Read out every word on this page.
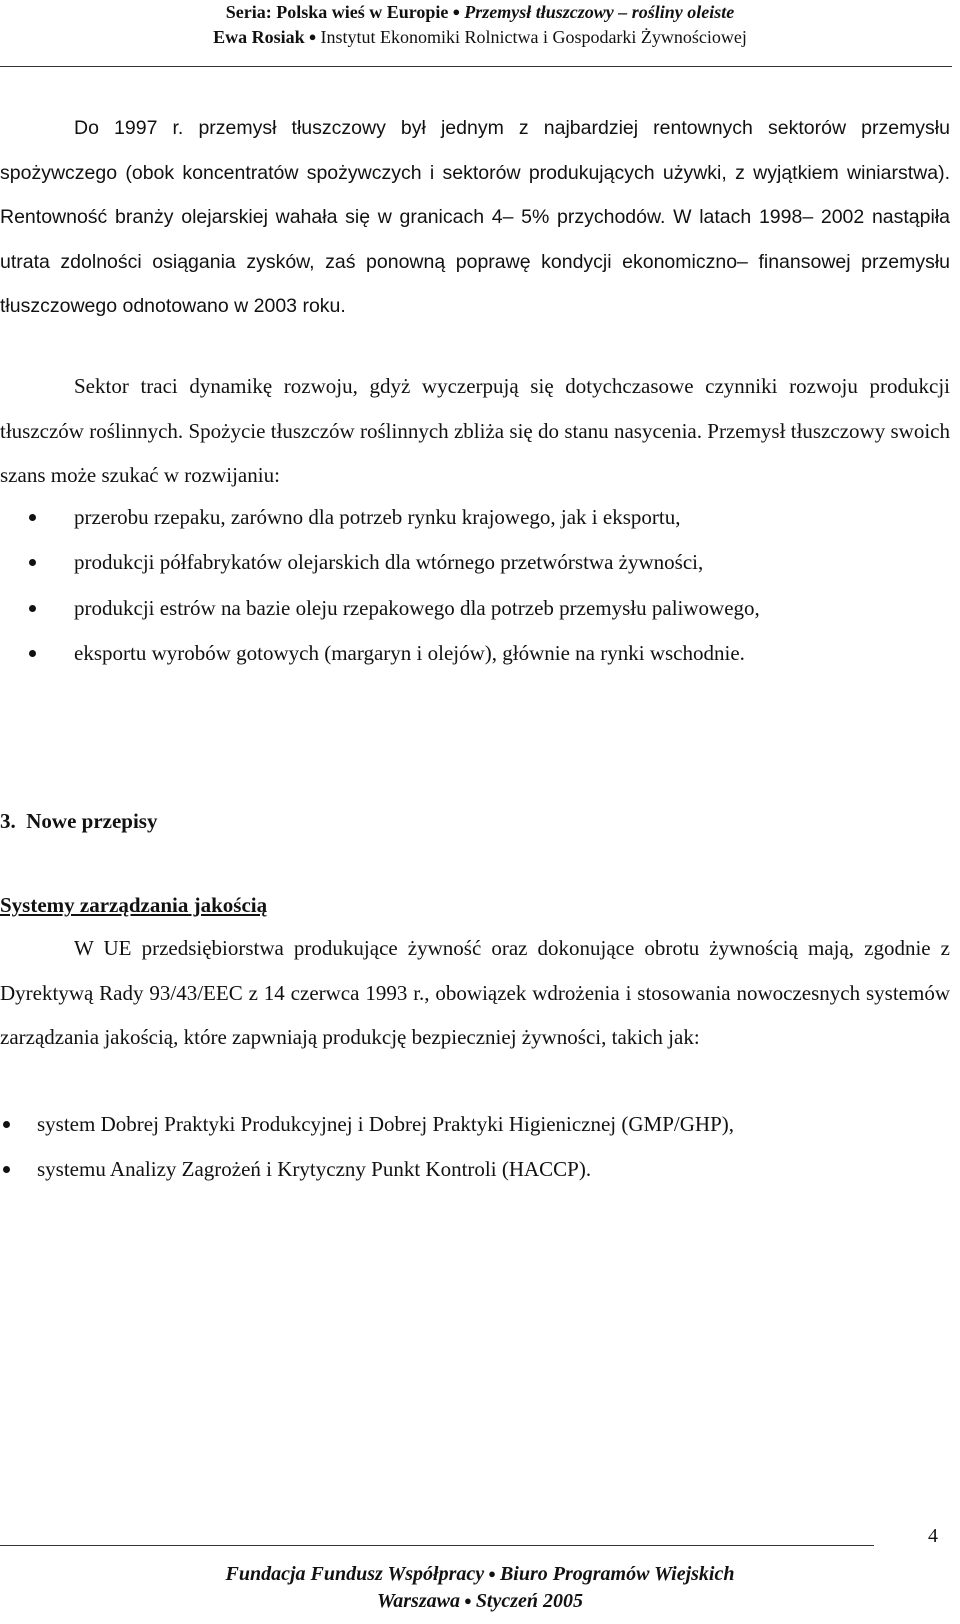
Seria: Polska wieś w Europie ● Przemysł tłuszczowy – rośliny oleiste
Ewa Rosiak ● Instytut Ekonomiki Rolnictwa i Gospodarki Żywnościowej

Do 1997 r. przemysł tłuszczowy był jednym z najbardziej rentownych sektorów przemysłu spożywczego (obok koncentratów spożywczych i sektorów produkujących używki, z wyjątkiem winiarstwa). Rentowność branży olejarskiej wahała się w granicach 4– 5% przychodów. W latach 1998– 2002 nastąpiła utrata zdolności osiągania zysków, zaś ponowną poprawę kondycji ekonomiczno– finansowej przemysłu tłuszczowego odnotowano w 2003 roku.

Sektor traci dynamikę rozwoju, gdyż wyczerpują się dotychczasowe czynniki rozwoju produkcji tłuszczów roślinnych. Spożycie tłuszczów roślinnych zbliża się do stanu nasycenia. Przemysł tłuszczowy swoich szans może szukać w rozwijaniu:

przerobu rzepaku, zarówno dla potrzeb rynku krajowego, jak i eksportu,

produkcji półfabrykatów olejarskich dla wtórnego przetwórstwa żywności,

produkcji estrów na bazie oleju rzepakowego dla potrzeb przemysłu paliwowego,

eksportu wyrobów gotowych (margaryn i olejów), głównie na rynki wschodnie.

3.  Nowe przepisy
Systemy zarządzania jakością

W UE przedsiębiorstwa produkujące żywność oraz dokonujące obrotu żywnością mają, zgodnie z Dyrektywą Rady 93/43/EEC z 14 czerwca 1993 r., obowiązek wdrożenia i stosowania nowoczesnych systemów zarządzania jakością, które zapwniają produkcję bezpieczniej żywności, takich jak:

system Dobrej Praktyki Produkcyjnej i Dobrej Praktyki Higienicznej (GMP/GHP),

systemu Analizy Zagrożeń i Krytyczny Punkt Kontroli (HACCP).

4
Fundacja Fundusz Współpracy ● Biuro Programów Wiejskich
Warszawa ● Styczeń 2005
